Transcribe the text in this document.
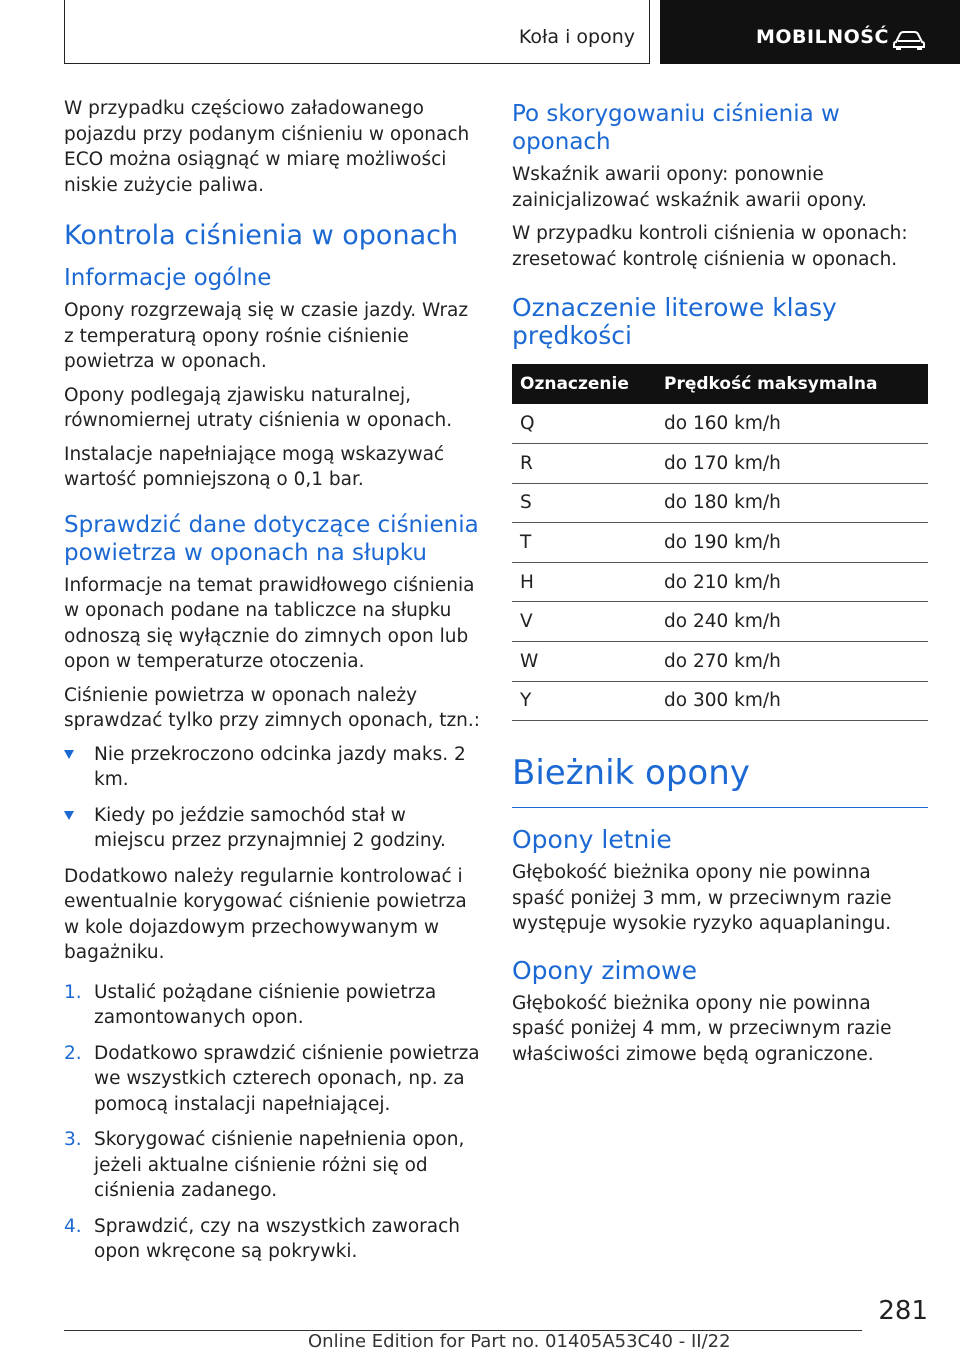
Koła i opony	MOBILNOŚĆ

W przypadku częściowo załadowanego pojazdu przy podanym ciśnieniu w oponach ECO można osiągnąć w miarę możliwości niskie zużycie paliwa.

Kontrola ciśnienia w oponach
Informacje ogólne

Opony rozgrzewają się w czasie jazdy. Wraz z temperaturą opony rośnie ciśnienie powietrza w oponach.

Opony podlegają zjawisku naturalnej, równomiernej utraty ciśnienia w oponach.

Instalacje napełniające mogą wskazywać wartość pomniejszoną o 0,1 bar.

Sprawdzić dane dotyczące ciśnienia powietrza w oponach na słupku

Informacje na temat prawidłowego ciśnienia w oponach podane na tabliczce na słupku odnoszą się wyłącznie do zimnych opon lub opon w temperaturze otoczenia.

Ciśnienie powietrza w oponach należy sprawdzać tylko przy zimnych oponach, tzn.:

Nie przekroczono odcinka jazdy maks. 2 km.
Kiedy po jeździe samochód stał w miejscu przez przynajmniej 2 godziny.

Dodatkowo należy regularnie kontrolować i ewentualnie korygować ciśnienie powietrza w kole dojazdowym przechowywanym w bagażniku.

1. Ustalić pożądane ciśnienie powietrza zamontowanych opon.
2. Dodatkowo sprawdzić ciśnienie powietrza we wszystkich czterech oponach, np. za pomocą instalacji napełniającej.
3. Skorygować ciśnienie napełnienia opon, jeżeli aktualne ciśnienie różni się od ciśnienia zadanego.
4. Sprawdzić, czy na wszystkich zaworach opon wkręcone są pokrywki.
Po skorygowaniu ciśnienia w oponach

Wskaźnik awarii opony: ponownie zainicjalizować wskaźnik awarii opony.

W przypadku kontroli ciśnienia w oponach: zresetować kontrolę ciśnienia w oponach.

Oznaczenie literowe klasy prędkości
Oznaczenie	Prędkość maksymalna
Q	do 160 km/h
R	do 170 km/h
S	do 180 km/h
T	do 190 km/h
H	do 210 km/h
V	do 240 km/h
W	do 270 km/h
Y	do 300 km/h
Bieżnik opony
Opony letnie

Głębokość bieżnika opony nie powinna spaść poniżej 3 mm, w przeciwnym razie występuje wysokie ryzyko aquaplaningu.

Opony zimowe

Głębokość bieżnika opony nie powinna spaść poniżej 4 mm, w przeciwnym razie właściwości zimowe będą ograniczone.

281
Online Edition for Part no. 01405A53C40 - II/22
